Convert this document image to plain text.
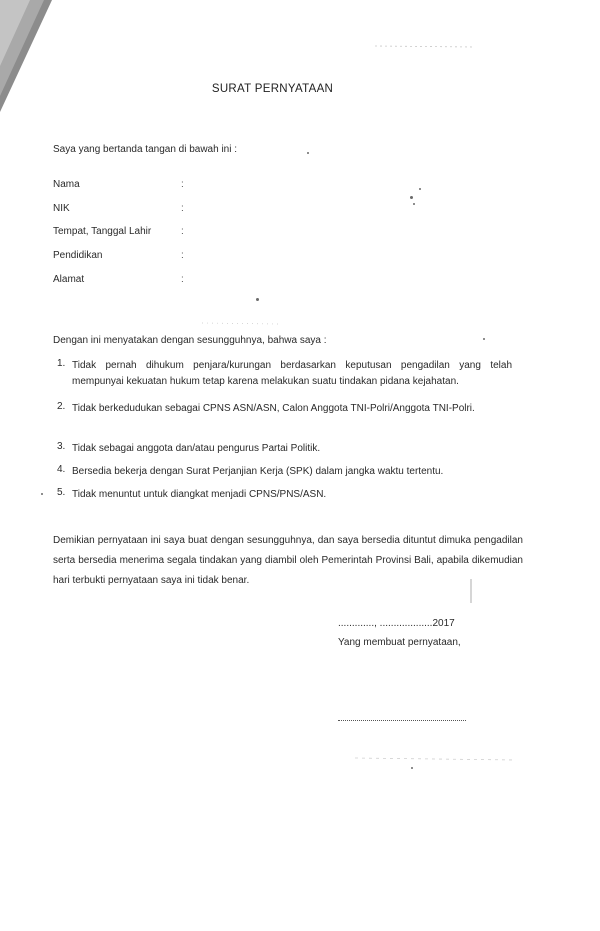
SURAT PERNYATAAN
Saya yang bertanda tangan di bawah ini :
Nama	:
NIK	:
Tempat, Tanggal Lahir	:
Pendidikan	:
Alamat	:
Dengan ini menyatakan dengan sesungguhnya, bahwa saya :
1. Tidak pernah dihukum penjara/kurungan berdasarkan keputusan pengadilan yang telah mempunyai kekuatan hukum tetap karena melakukan suatu tindakan pidana kejahatan.
2. Tidak berkedudukan sebagai CPNS ASN/ASN, Calon Anggota TNI-Polri/Anggota TNI-Polri.
3. Tidak sebagai anggota dan/atau pengurus Partai Politik.
4. Bersedia bekerja dengan Surat Perjanjian Kerja (SPK) dalam jangka waktu tertentu.
5. Tidak menuntut untuk diangkat menjadi CPNS/PNS/ASN.
Demikian pernyataan ini saya buat dengan sesungguhnya, dan saya bersedia dituntut dimuka pengadilan serta bersedia menerima segala tindakan yang diambil oleh Pemerintah Provinsi Bali, apabila dikemudian hari terbukti pernyataan saya ini tidak benar.
............., ...................2017
Yang membuat pernyataan,
